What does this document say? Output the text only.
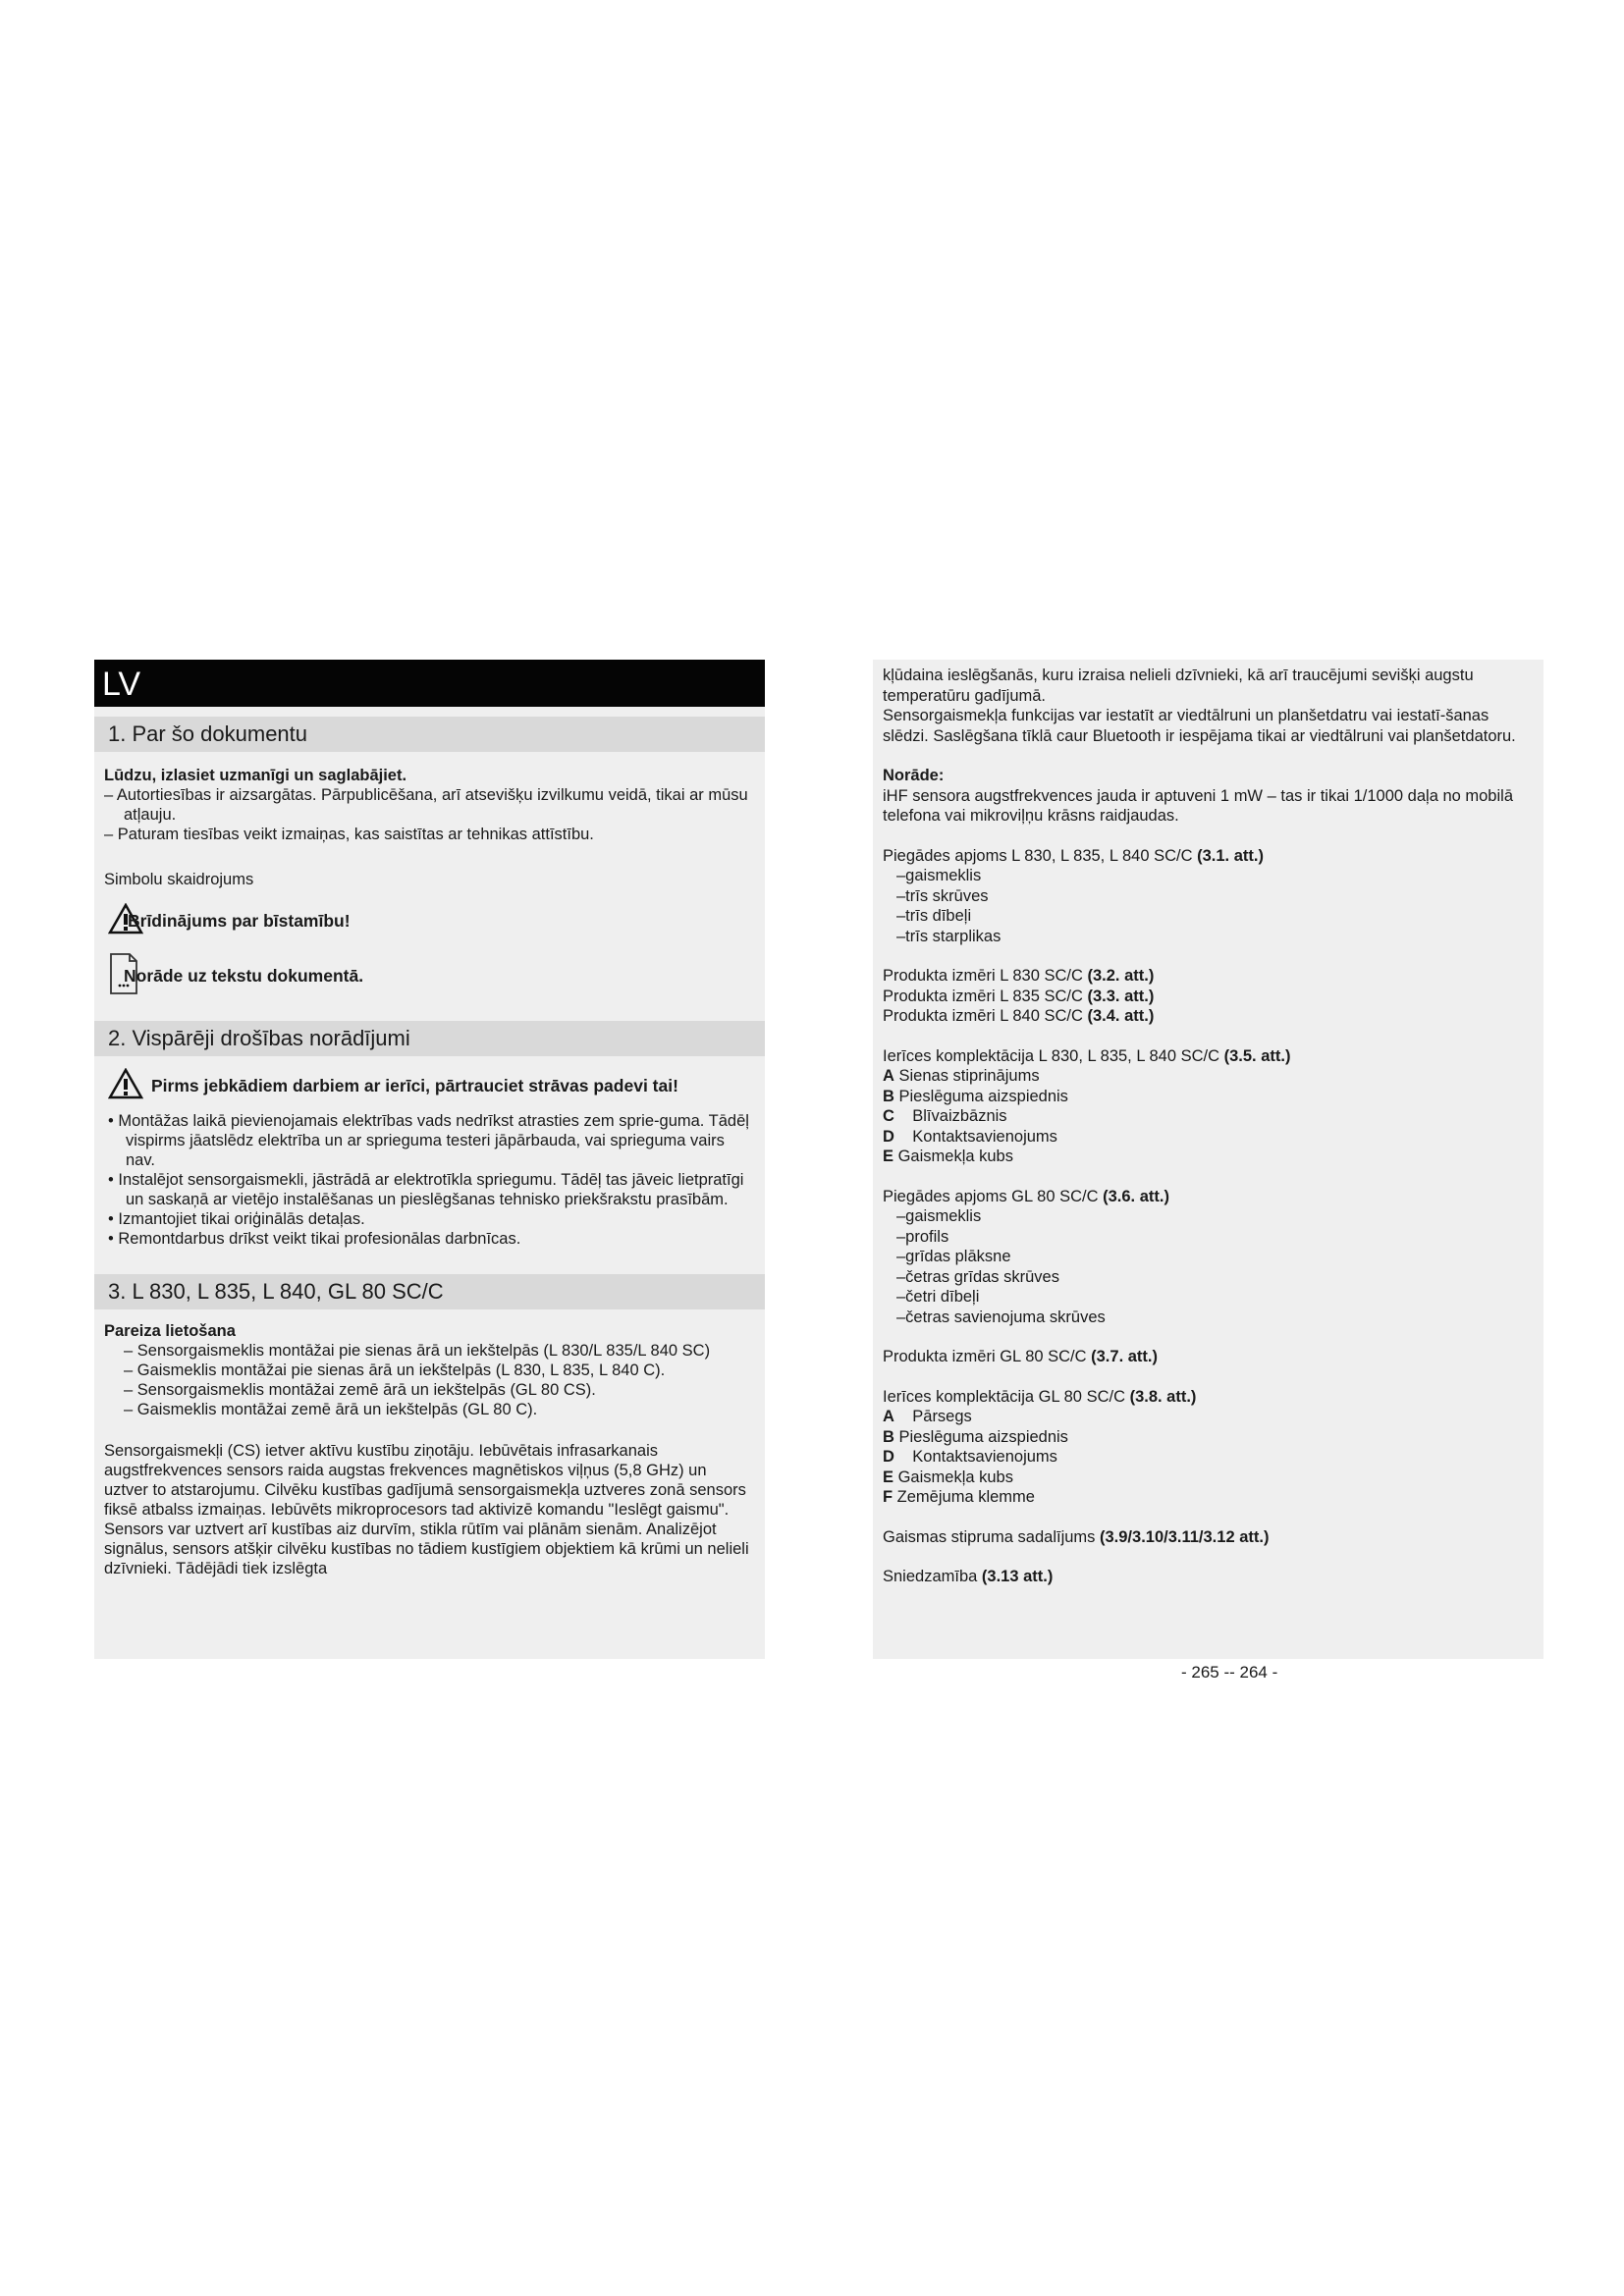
LV
1. Par šo dokumentu
Lūdzu, izlasiet uzmanīgi un saglabājiet.
– Autortiesības ir aizsargātas. Pārpublicēšana, arī atsevišķu izvilkumu veidā, tikai ar mūsu atļauju.
– Paturam tiesības veikt izmaiņas, kas saistītas ar tehnikas attīstību.
Simbolu skaidrojums
Brīdinājums par bīstamību!
Norāde uz tekstu dokumentā.
2. Vispārēji drošības norādījumi
Pirms jebkādiem darbiem ar ierīci, pārtrauciet strāvas padevi tai!
• Montāžas laikā pievienojamais elektrības vads nedrīkst atrasties zem sprie-guma. Tādēļ vispirms jāatslēdz elektrība un ar sprieguma testeri jāpārbauda, vai sprieguma vairs nav.
• Instalējot sensorgaismekli, jāstrādā ar elektrotīkla spriegumu. Tādēļ tas jāveic lietpratīgi un saskaņā ar vietējo instalēšanas un pieslēgšanas tehnisko priekšrakstu prasībām.
• Izmantojiet tikai oriģinālās detaļas.
• Remontdarbus drīkst veikt tikai profesionālas darbnīcas.
3. L 830, L 835, L 840, GL 80 SC/C
Pareiza lietošana
– Sensorgaismeklis montāžai pie sienas ārā un iekštelpās (L 830/L 835/L 840 SC)
– Gaismeklis montāžai pie sienas ārā un iekštelpās (L 830, L 835, L 840 C).
– Sensorgaismeklis montāžai zemē ārā un iekštelpās (GL 80 CS).
– Gaismeklis montāžai zemē ārā un iekštelpās (GL 80 C).
Sensorgaismekļi (CS) ietver aktīvu kustību ziņotāju. Iebūvētais infrasarkanais augstfrekvences sensors raida augstas frekvences magnētiskos viļņus (5,8 GHz) un uztver to atstarojumu. Cilvēku kustības gadījumā sensorgaismekļa uztveres zonā sensors fiksē atbalss izmaiņas. Iebūvēts mikroprocesors tad aktivizē komandu "Ieslēgt gaismu". Sensors var uztvert arī kustības aiz durvīm, stikla rūtīm vai plānām sienām. Analizējot signālus, sensors atšķir cilvēku kustības no tādiem kustīgiem objektiem kā krūmi un nelieli dzīvnieki. Tādējādi tiek izslēgta
kļūdaina ieslēgšanās, kuru izraisa nelieli dzīvnieki, kā arī traucējumi sevišķi augstu temperatūru gadījumā.
Sensorgaismekļa funkcijas var iestatīt ar viedtālruni un planšetdatru vai iestatī-šanas slēdzi. Saslēgšana tīklā caur Bluetooth ir iespējama tikai ar viedtālruni vai planšetdatoru.
Norāde:
iHF sensora augstfrekvences jauda ir aptuveni 1 mW – tas ir tikai 1/1000 daļa no mobilā telefona vai mikroviļņu krāsns raidjaudas.
Piegādes apjoms L 830, L 835, L 840 SC/C (3.1. att.)
–gaismeklis
–trīs skrūves
–trīs dībeļi
–trīs starplikas
Produkta izmēri L 830 SC/C (3.2. att.)
Produkta izmēri L 835 SC/C (3.3. att.)
Produkta izmēri L 840 SC/C (3.4. att.)
Ierīces komplektācija L 830, L 835, L 840 SC/C (3.5. att.)
A Sienas stiprinājums
B Pieslēguma aizspiednis
C    Blīvaizbāznis
D    Kontaktsavienojums
E Gaismekļa kubs
Piegādes apjoms GL 80 SC/C (3.6. att.)
–gaismeklis
–profils
–grīdas plāksne
–četras grīdas skrūves
–četri dībeļi
–četras savienojuma skrūves
Produkta izmēri GL 80 SC/C (3.7. att.)
Ierīces komplektācija GL 80 SC/C (3.8. att.)
A    Pārsegs
B Pieslēguma aizspiednis
D    Kontaktsavienojums
E Gaismekļa kubs
F Zemējuma klemme
Gaismas stipruma sadalījums (3.9/3.10/3.11/3.12 att.)
Sniedzamība (3.13 att.)
- 265 -- 264 -
